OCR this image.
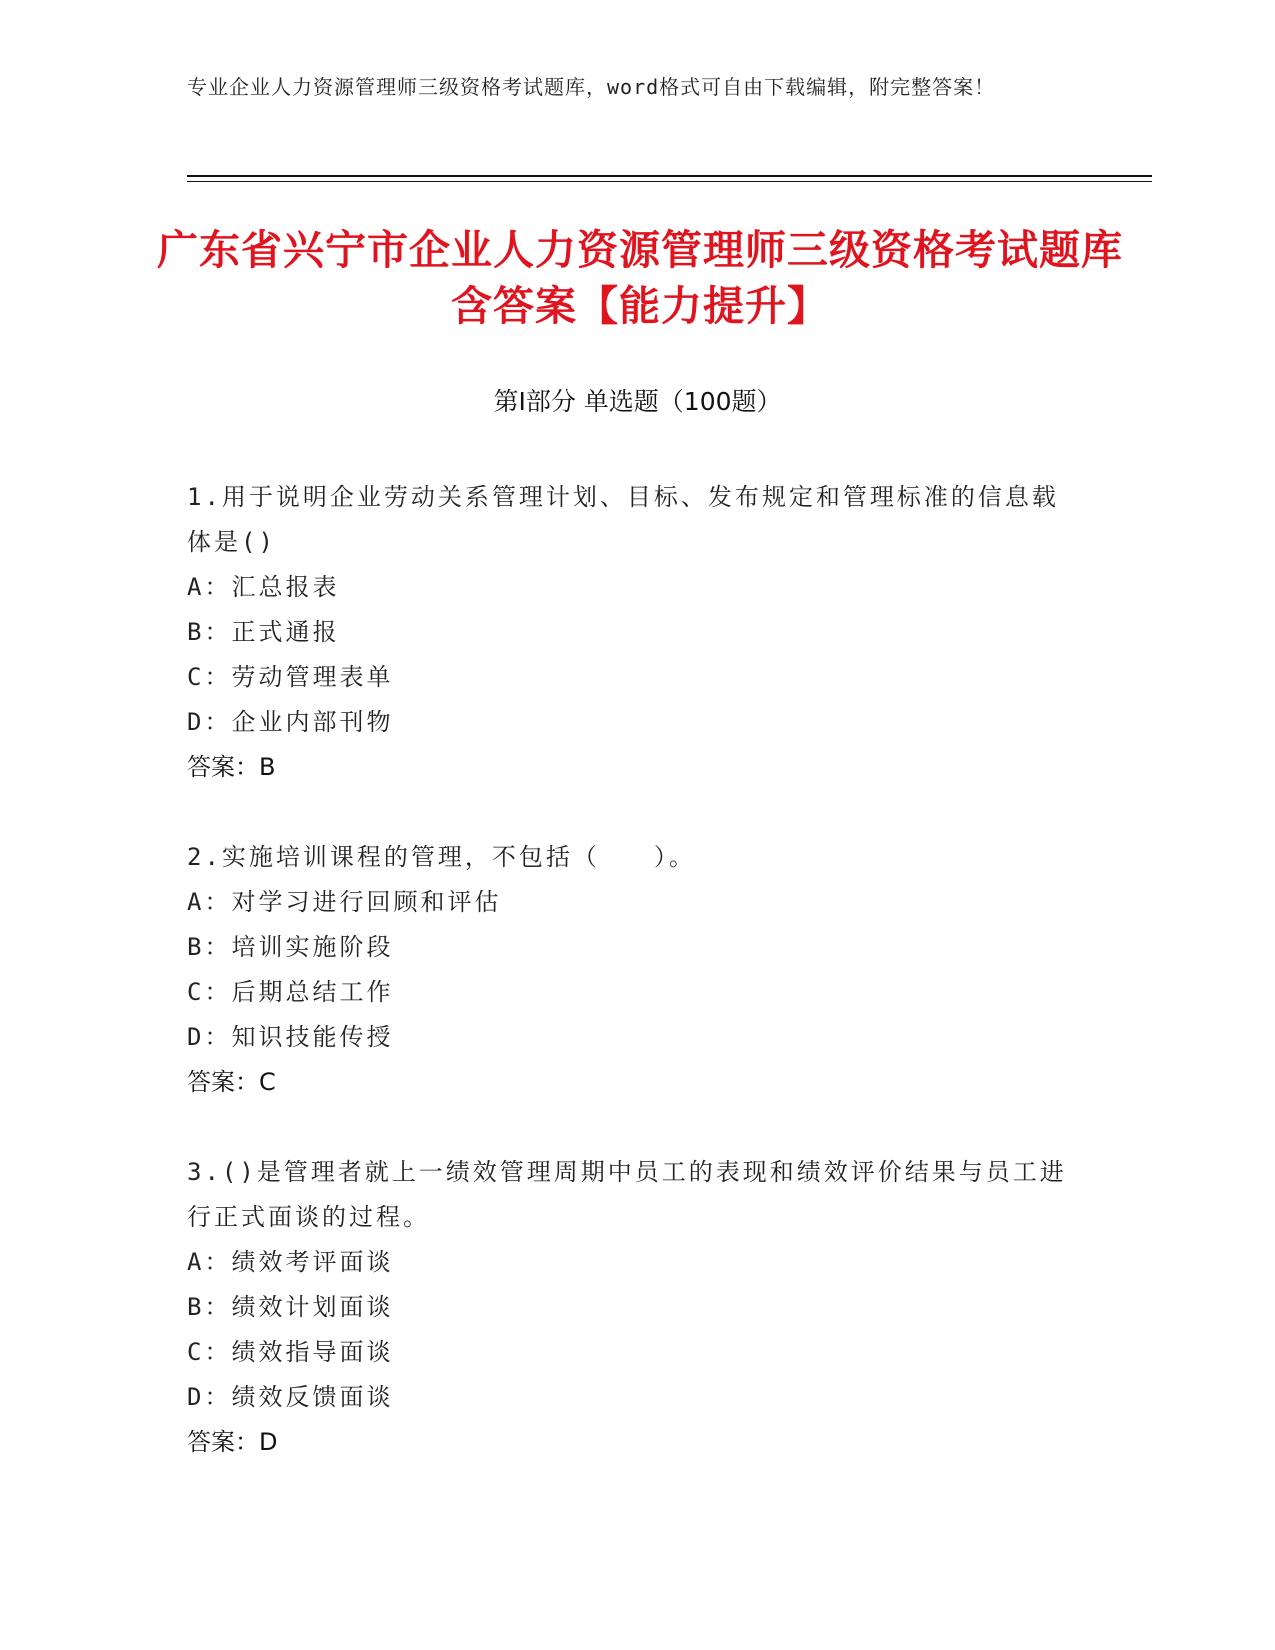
专业企业人力资源管理师三级资格考试题库，word格式可自由下载编辑，附完整答案！
广东省兴宁市企业人力资源管理师三级资格考试题库含答案【能力提升】
第Ⅰ部分 单选题（100题）
1.用于说明企业劳动关系管理计划、目标、发布规定和管理标准的信息载体是()
A：汇总报表
B：正式通报
C：劳动管理表单
D：企业内部刊物
答案：B
2.实施培训课程的管理，不包括（　　）。
A：对学习进行回顾和评估
B：培训实施阶段
C：后期总结工作
D：知识技能传授
答案：C
3.()是管理者就上一绩效管理周期中员工的表现和绩效评价结果与员工进行正式面谈的过程。
A：绩效考评面谈
B：绩效计划面谈
C：绩效指导面谈
D：绩效反馈面谈
答案：D
